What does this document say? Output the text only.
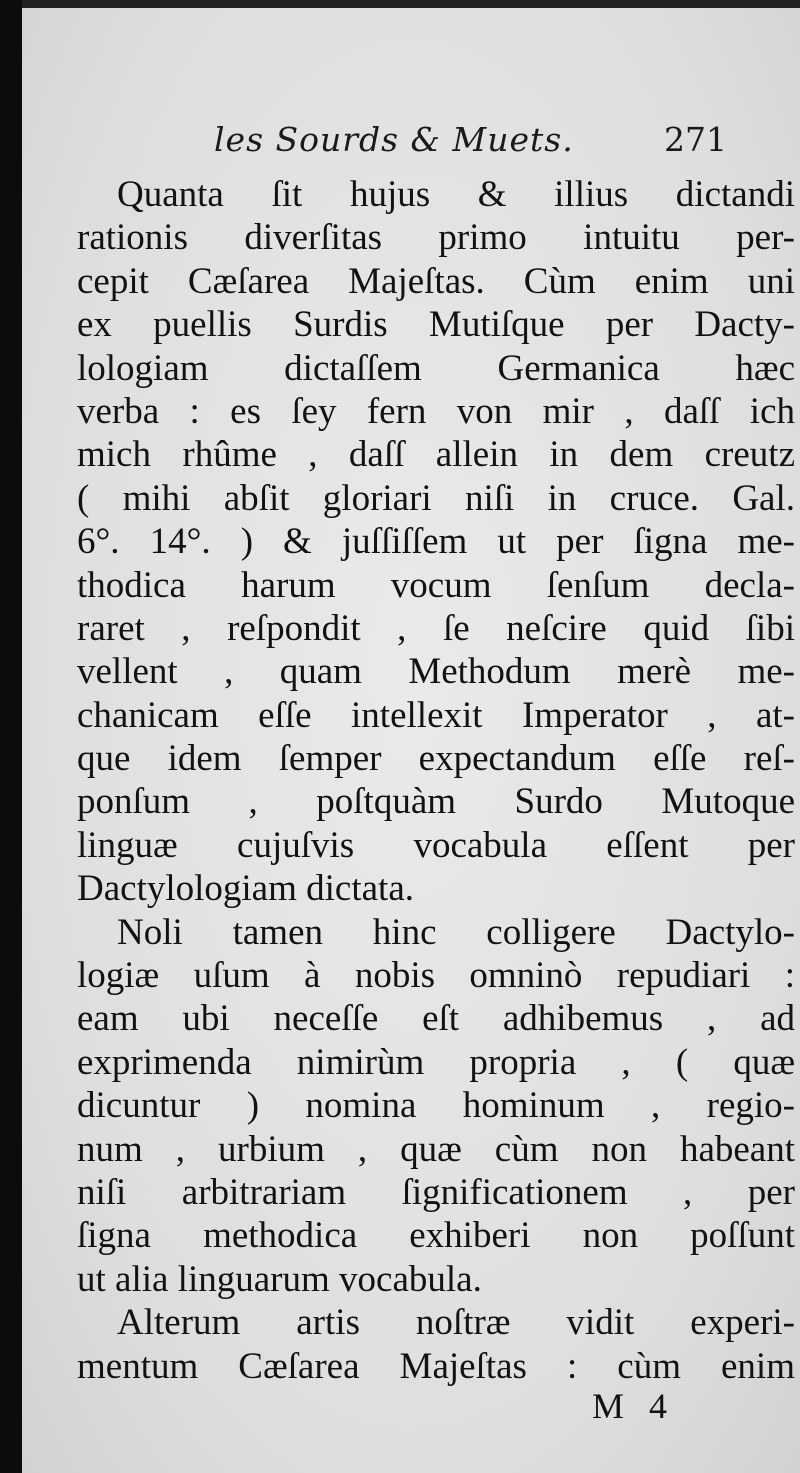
les Sourds & Muets.	271
Quanta ſit hujus & illius dictandi
rationis diverſitas primo intuitu per-
cepit Cæſarea Majeſtas. Cùm enim uni
ex puellis Surdis Mutiſque per Dacty-
lologiam dictaſſem Germanica hæc
verba : es ſey fern von mir , daſſ ich
mich rhûme , daſſ allein in dem creutz
( mihi abſit gloriari niſi in cruce. Gal.
6°. 14°. ) & juſſiſſem ut per ſigna me-
thodica harum vocum ſenſum decla-
raret , reſpondit , ſe neſcire quid ſibi
vellent , quam Methodum merè me-
chanicam eſſe intellexit Imperator , at-
que idem ſemper expectandum eſſe reſ-
ponſum , poſtquàm Surdo Mutoque
linguæ cujuſvis vocabula eſſent per
Dactylologiam dictata.
Noli tamen hinc colligere Dactylo-
logiæ uſum à nobis omninò repudiari :
eam ubi neceſſe eſt adhibemus , ad
exprimenda nimirùm propria , ( quæ
dicuntur ) nomina hominum , regio-
num , urbium , quæ cùm non habeant
niſi arbitrariam ſignificationem , per
ſigna methodica exhiberi non poſſunt
ut alia linguarum vocabula.
Alterum artis noſtræ vidit experi-
mentum Cæſarea Majeſtas : cùm enim
M 4
